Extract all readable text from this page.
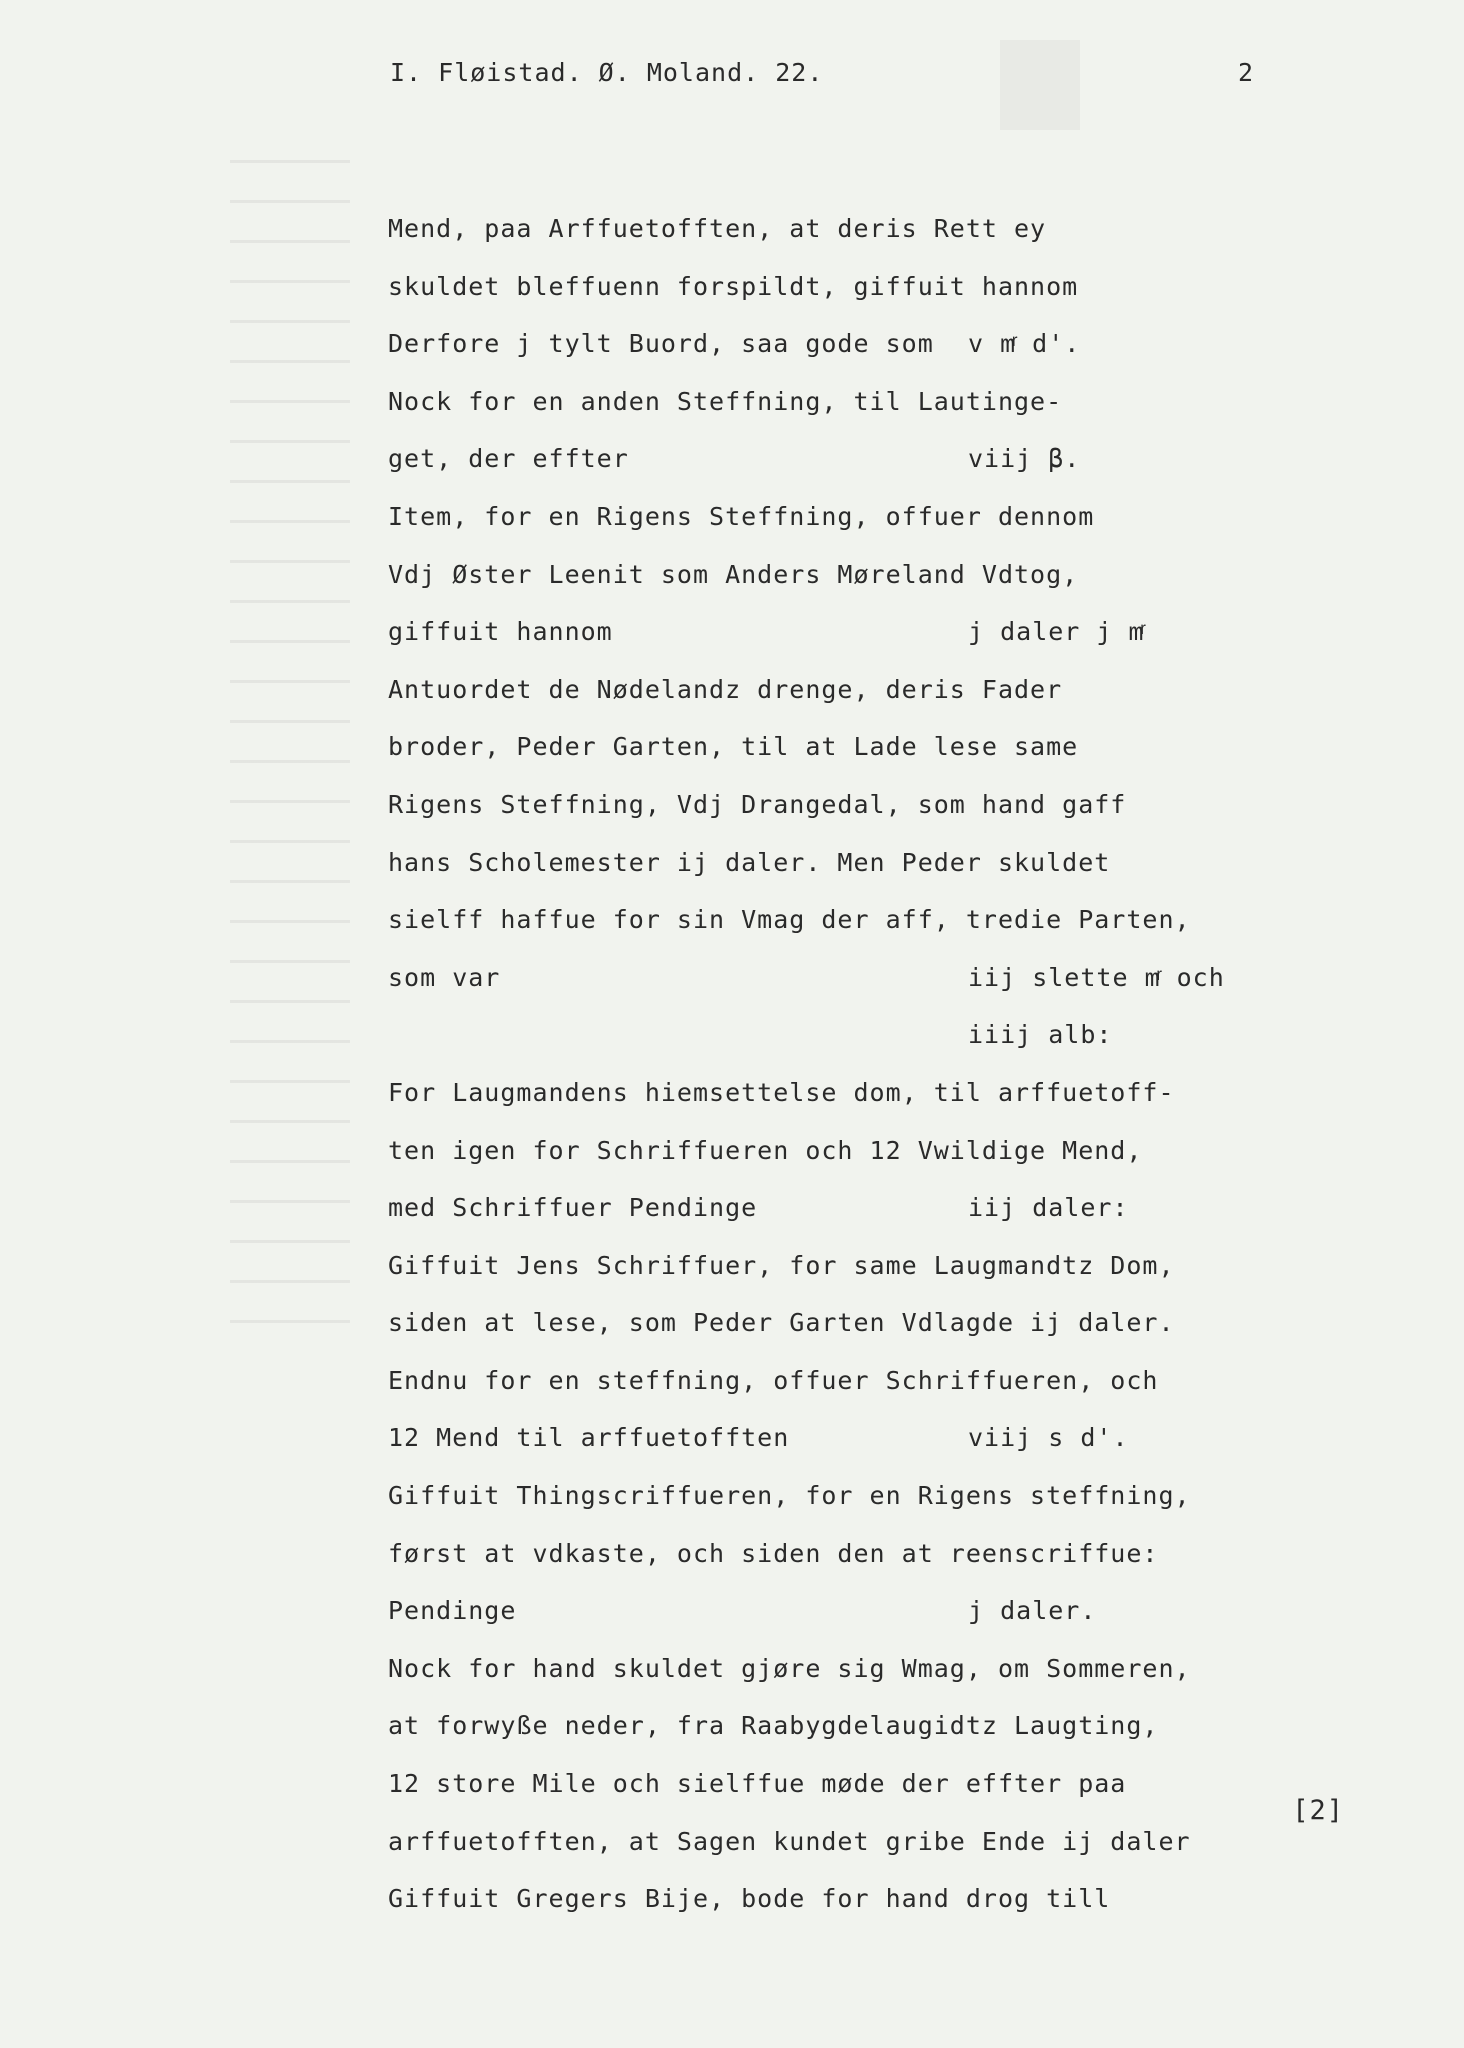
I. Fløistad. Ø. Moland. 22.	2
Mend, paa Arffuetofften, at deris Rett ey
skuldet bleffuenn forspildt, giffuit hannom
Derfore j tylt Buord, saa gode som v mͬ d'.
Nock for en anden Steffning, til Lautinge-
get, der effter	viij β.
Item, for en Rigens Steffning, offuer dennom
Vdj Øster Leenit som Anders Møreland Vdtog,
giffuit hannom	j daler j mͬ
Antuordet de Nødelandz drenge, deris Fader
broder, Peder Garten, til at Lade lese same
Rigens Steffning, Vdj Drangedal, som hand gaff
hans Scholemester ij daler. Men Peder skuldet
sielff haffue for sin Vmag der aff, tredie Parten,
som var	iij slette mͬ och
iiij alb:
For Laugmandens hiemsettelse dom, til arffuetoff-
ten igen for Schriffueren och 12 Vwildige Mend,
med Schriffuer Pendinge	iij daler:
Giffuit Jens Schriffuer, for same Laugmandtz Dom,
siden at lese, som Peder Garten Vdlagde ij daler.
Endnu for en steffning, offuer Schriffueren, och
12 Mend til arffuetofften	viij s d'.
Giffuit Thingscriffueren, for en Rigens steffning,
først at vdkaste, och siden den at reenscriffue:
Pendinge	j daler.
Nock for hand skuldet gjøre sig Wmag, om Sommeren,
at forwyße neder, fra Raabygdelaugidtz Laugting,
12 store Mile och sielffue møde der effter paa
arffuetofften, at Sagen kundet gribe Ende ij daler
Giffuit Gregers Bije, bode for hand drog till
[2]
